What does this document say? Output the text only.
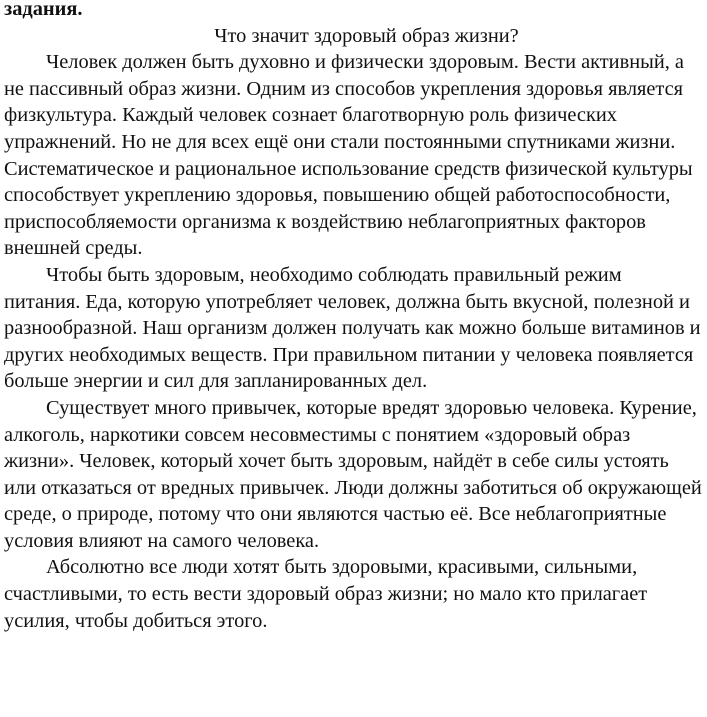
задания.

Что значит здоровый образ жизни?

Человек должен быть духовно и физически здоровым. Вести активный, а не пассивный образ жизни. Одним из способов укрепления здоровья является физкультура. Каждый человек сознает благотворную роль физических упражнений. Но не для всех ещё они стали постоянными спутниками жизни. Систематическое и рациональное использование средств физической культуры способствует укреплению здоровья, повышению общей работоспособности, приспособляемости организма к воздействию неблагоприятных факторов внешней среды.

Чтобы быть здоровым, необходимо соблюдать правильный режим питания. Еда, которую употребляет человек, должна быть вкусной, полезной и разнообразной. Наш организм должен получать как можно больше витаминов и других необходимых веществ. При правильном питании у человека появляется больше энергии и сил для запланированных дел.

Существует много привычек, которые вредят здоровью человека. Курение, алкоголь, наркотики совсем несовместимы с понятием «здоровый образ жизни». Человек, который хочет быть здоровым, найдёт в себе силы устоять или отказаться от вредных привычек. Люди должны заботиться об окружающей среде, о природе, потому что они являются частью её. Все неблагоприятные условия влияют на самого человека.

Абсолютно все люди хотят быть здоровыми, красивыми, сильными, счастливыми, то есть вести здоровый образ жизни; но мало кто прилагает усилия, чтобы добиться этого.
